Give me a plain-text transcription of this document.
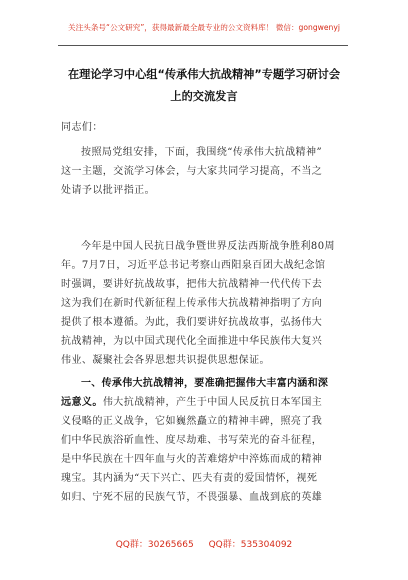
关注头条号“公文研究”，获得最新最全最专业的公文资料库！ 微信：gongwenyj
在理论学习中心组“传承伟大抗战精神”专题学习研讨会
上的交流发言
同志们：
按照局党组安排，下面，我围绕“传承伟大抗战精神”
这一主题，交流学习体会，与大家共同学习提高，不当之
处请予以批评指正。
今年是中国人民抗日战争暨世界反法西斯战争胜利80周
年。7月7日，习近平总书记考察山西阳泉百团大战纪念馆
时强调，要讲好抗战故事，把伟大抗战精神一代代传下去
这为我们在新时代新征程上传承伟大抗战精神指明了方向
提供了根本遵循。为此，我们要讲好抗战故事，弘扬伟大
抗战精神，为以中国式现代化全面推进中华民族伟大复兴
伟业、凝聚社会各界思想共识提供思想保证。
一、传承伟大抗战精神，要准确把握伟大丰富内涵和深
远意义。伟大抗战精神，产生于中国人民反抗日本军国主
义侵略的正义战争，它如巍然矗立的精神丰碑，照亮了我
们中华民族浴斫血性、度尽劫难、书写荣光的奋斗征程，
是中华民族在十四年血与火的苦难熔炉中淬炼而成的精神
瑰宝。其内涵为“天下兴亡、匹夫有责的爱国情怀，视死
如归、宁死不屈的民族气节，不畏强暴、血战到底的英雄
QQ群：30265665 QQ群：535304092
